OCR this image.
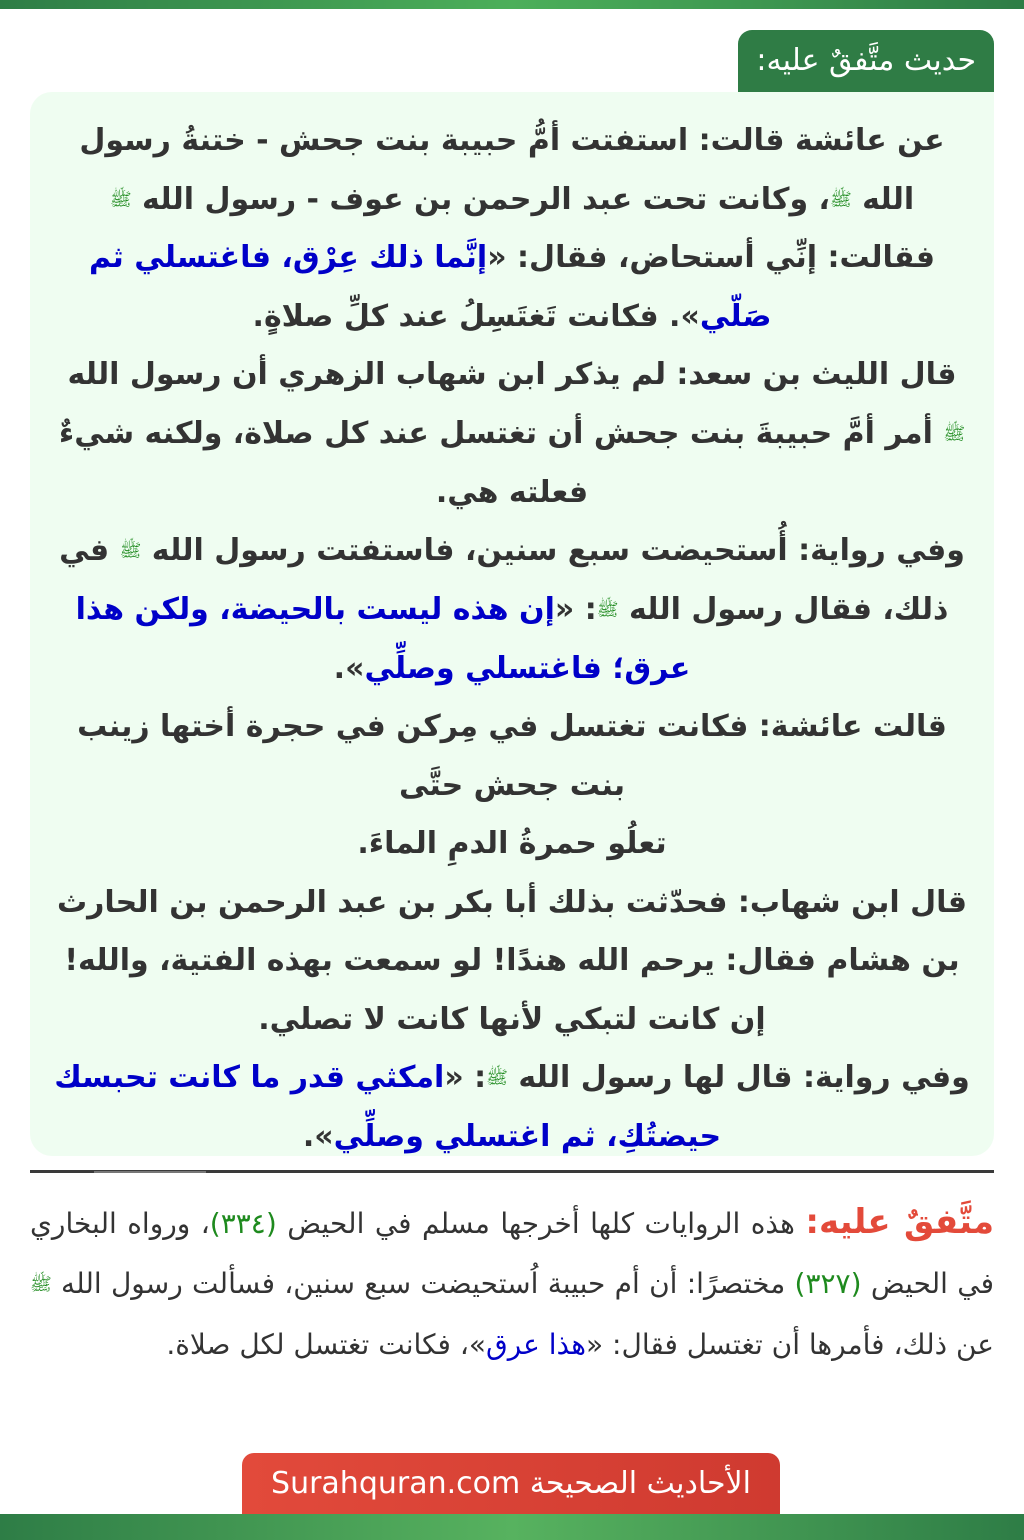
حديث متَّفقٌ عليه:

عن عائشة قالت: استفتت أمُّ حبيبة بنت جحش - ختنةُ رسول الله ﷺ، وكانت تحت عبد الرحمن بن عوف - رسول الله ﷺ فقالت: إنِّي أستحاض، فقال: «إنَّما ذلك عِرْق، فاغتسلي ثم صَلّي». فكانت تَغتَسِلُ عند كلِّ صلاةٍ.

قال الليث بن سعد: لم يذكر ابن شهاب الزهري أن رسول الله ﷺ أمر أمَّ حبيبةَ بنت جحش أن تغتسل عند كل صلاة، ولكنه شيءٌ فعلته هي.

وفي رواية: أُستحيضت سبع سنين، فاستفتت رسول الله ﷺ في ذلك، فقال رسول الله ﷺ: «إن هذه ليست بالحيضة، ولكن هذا عرق؛ فاغتسلي وصلِّي».

قالت عائشة: فكانت تغتسل في مِركن في حجرة أختها زينب
بنت جحش حتَّى
تعلُو حمرةُ الدمِ الماءَ.

قال ابن شهاب: فحدّثت بذلك أبا بكر بن عبد الرحمن بن الحارث بن هشام فقال: يرحم الله هندًا! لو سمعت بهذه الفتية، والله! إن كانت لتبكي لأنها كانت لا تصلي.

وفي رواية: قال لها رسول الله ﷺ: «امكثي قدر ما كانت تحبسك حيضتُكِ، ثم اغتسلي وصلِّي».

متَّفقٌ عليه: هذه الروايات كلها أخرجها مسلم في الحيض (٣٣٤)، ورواه البخاري في الحيض (٣٢٧) مختصرًا: أن أم حبيبة اُستحيضت سبع سنين، فسألت رسول الله ﷺ عن ذلك، فأمرها أن تغتسل فقال: «هذا عرق»، فكانت تغتسل لكل صلاة.
الأحاديث الصحيحة Surahquran.com
